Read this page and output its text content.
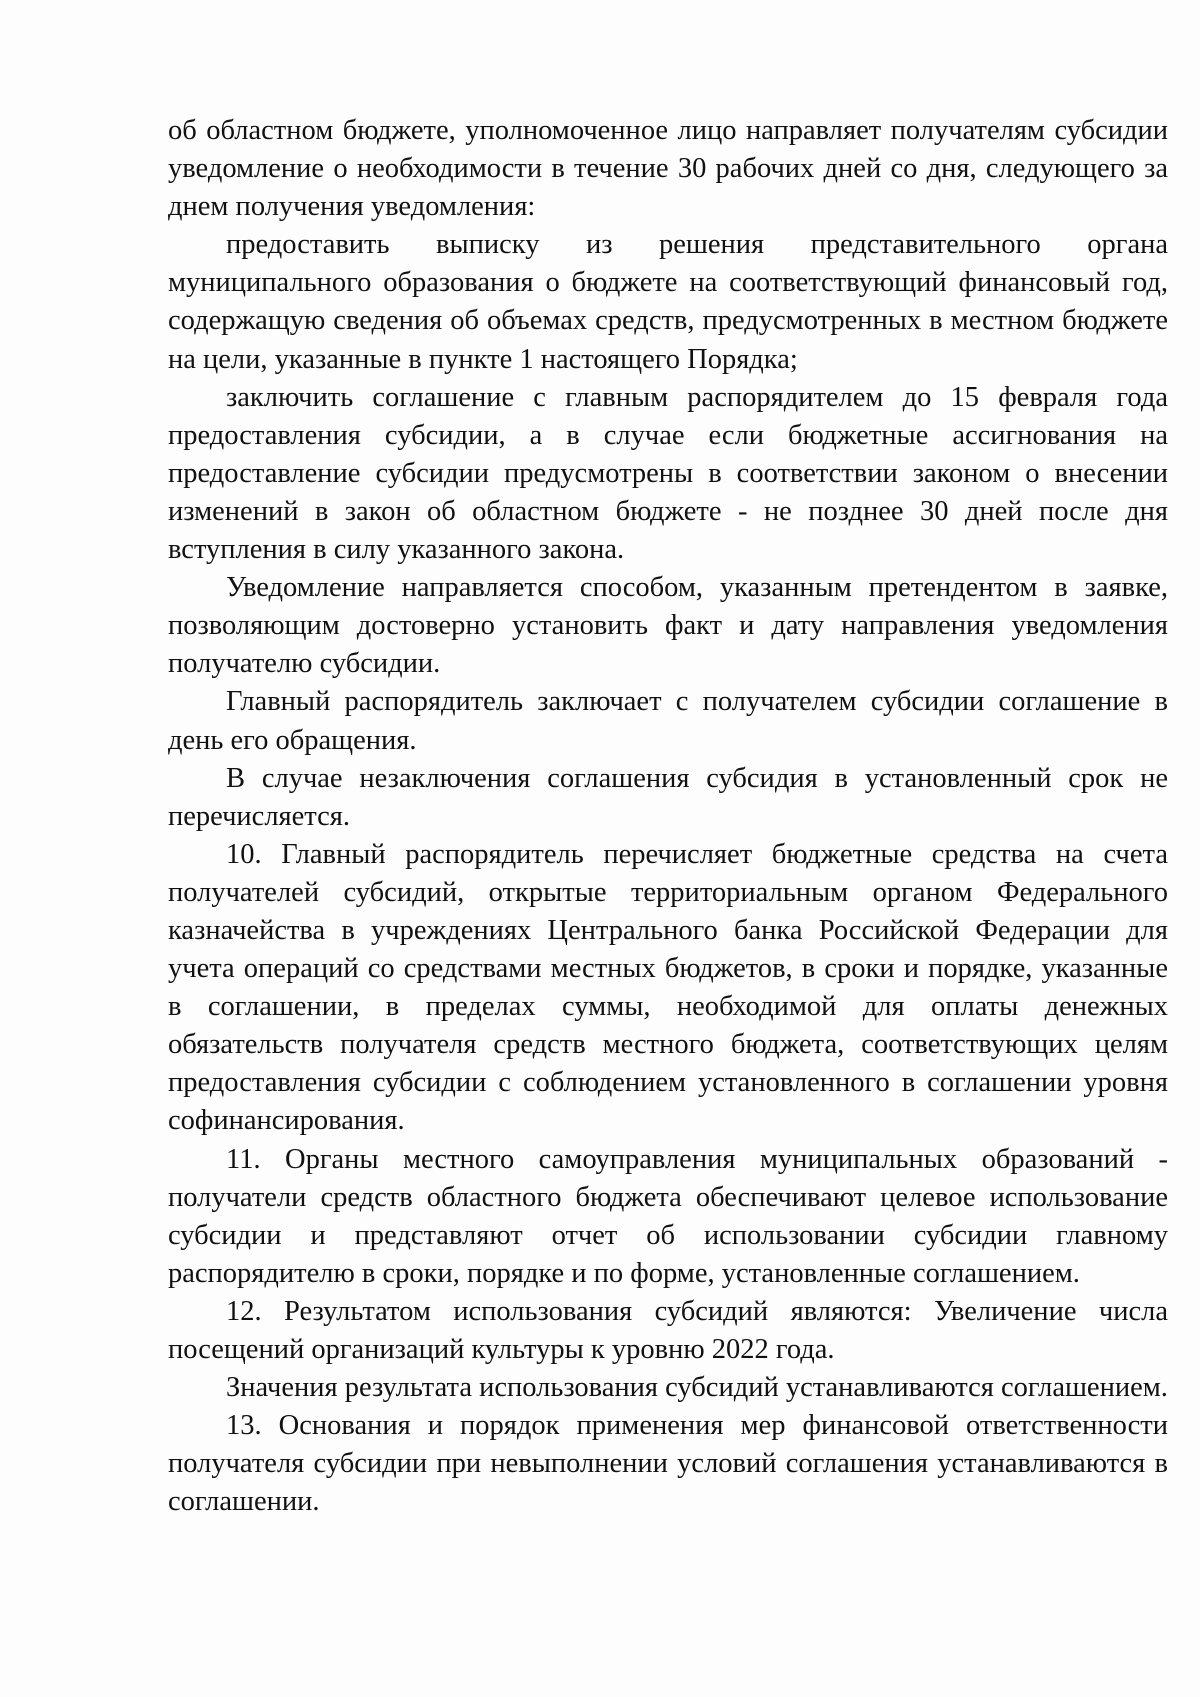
об областном бюджете, уполномоченное лицо направляет получателям субсидии уведомление о необходимости в течение 30 рабочих дней со дня, следующего за днем получения уведомления:

предоставить выписку из решения представительного органа муниципального образования о бюджете на соответствующий финансовый год, содержащую сведения об объемах средств, предусмотренных в местном бюджете на цели, указанные в пункте 1 настоящего Порядка;

заключить соглашение с главным распорядителем до 15 февраля года предоставления субсидии, а в случае если бюджетные ассигнования на предоставление субсидии предусмотрены в соответствии законом о внесении изменений в закон об областном бюджете - не позднее 30 дней после дня вступления в силу указанного закона.

Уведомление направляется способом, указанным претендентом в заявке, позволяющим достоверно установить факт и дату направления уведомления получателю субсидии.

Главный распорядитель заключает с получателем субсидии соглашение в день его обращения.

В случае незаключения соглашения субсидия в установленный срок не перечисляется.

10. Главный распорядитель перечисляет бюджетные средства на счета получателей субсидий, открытые территориальным органом Федерального казначейства в учреждениях Центрального банка Российской Федерации для учета операций со средствами местных бюджетов, в сроки и порядке, указанные в соглашении, в пределах суммы, необходимой для оплаты денежных обязательств получателя средств местного бюджета, соответствующих целям предоставления субсидии с соблюдением установленного в соглашении уровня софинансирования.

11. Органы местного самоуправления муниципальных образований - получатели средств областного бюджета обеспечивают целевое использование субсидии и представляют отчет об использовании субсидии главному распорядителю в сроки, порядке и по форме, установленные соглашением.

12. Результатом использования субсидий являются: Увеличение числа посещений организаций культуры к уровню 2022 года.

Значения результата использования субсидий устанавливаются соглашением.

13. Основания и порядок применения мер финансовой ответственности получателя субсидии при невыполнении условий соглашения устанавливаются в соглашении.
